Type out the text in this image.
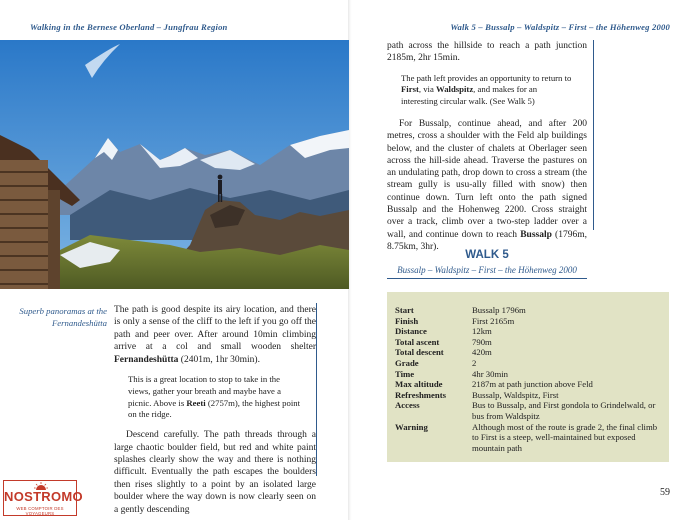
Walking in the Bernese Oberland – Jungfrau Region	Walk 5 – Bussalp – Waldspitz – First – the Höhenweg 2000
Superb panoramas at the Fernandeshütta

The path is good despite its airy location, and there is only a sense of the cliff to the left if you go off the path and peer over. After around 10min climbing arrive at a col and small wooden shelter Fernandeshütta (2401m, 1hr 30min).

This is a great location to stop to take in the views, gather your breath and maybe have a picnic. Above is Reeti (2757m), the highest point on the ridge.

Descend carefully. The path threads through a large chaotic boulder field, but red and white paint splashes clearly show the way and there is nothing difficult. Eventually the path escapes the boulders then rises slightly to a point by an isolated large boulder where the way down is now clearly seen on a gently descending

path across the hillside to reach a path junction 2185m, 2hr 15min.

The path left provides an opportunity to return to First, via Waldspitz, and makes for an interesting circular walk. (See Walk 5)

For Bussalp, continue ahead, and after 200 metres, cross a shoulder with the Feld alp buildings below, and the cluster of chalets at Oberlager seen across the hill-side ahead. Traverse the pastures on an undulating path, drop down to cross a stream (the stream gully is usu-ally filled with snow) then continue down. Turn left onto the path signed Bussalp and the Hohenweg 2200. Cross straight over a track, climb over a two-step ladder over a wall, and continue down to reach Bussalp (1796m, 8.75km, 3hr).

WALK 5
Bussalp – Waldspitz – First – the Höhenweg 2000
Start	Bussalp 1796m
Finish	First 2165m
Distance	12km
Total ascent	790m
Total descent	420m
Grade	2
Time	4hr 30min
Max altitude	2187m at path junction above Feld
Refreshments	Bussalp, Waldspitz, First
Access	Bus to Bussalp, and First gondola to Grindelwald, or bus from Waldspitz
Warning	Although most of the route is grade 2, the final climb to First is a steep, well-maintained but exposed mountain path
59
NOSTROMO
WEB COMPTOIR DES VOYAGEURS
